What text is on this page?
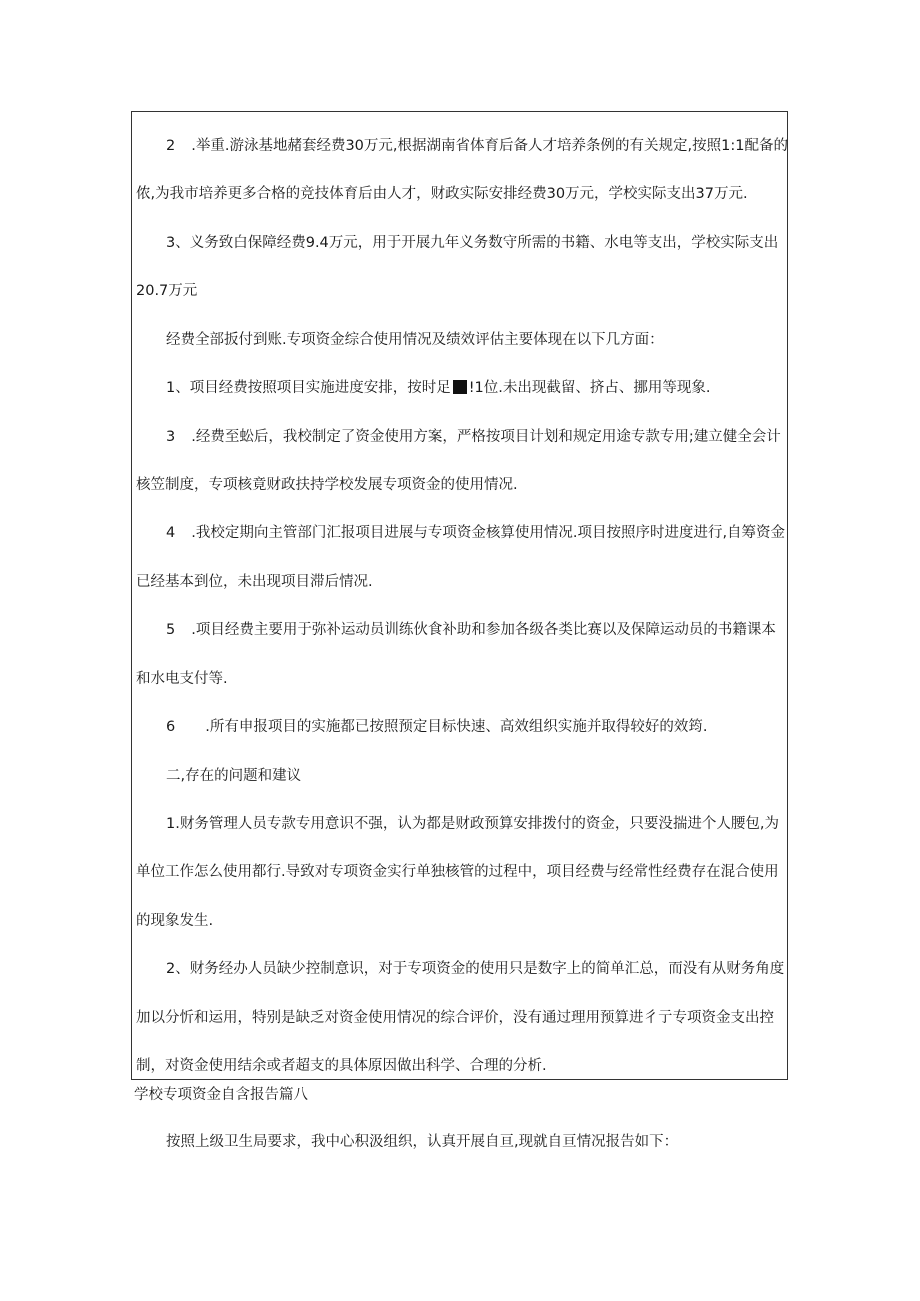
2 .举重.游泳基地赭套经费30万元,根据湖南省体育后备人才培养条例的有关规定,按照1:1配备的
侬,为我市培养更多合格的竞技体育后由人才，财政实际安排经费30万元，学校实际支出37万元.
3、义务致白保障经费9.4万元，用于开展九年义务数守所需的书籍、水电等支出，学校实际支出
20.7万元
经费全部扳付到账.专项资金综合使用情况及绩效评估主要体现在以下几方面：
1、项目经费按照项目实施进度安排，按时足 !1位.未出现截留、挤占、挪用等现象.
3 .经费至蚣后，我校制定了资金使用方案，严格按项目计划和规定用途专款专用;建立健全会计
核笠制度，专项核竟财政扶持学校发展专项资金的使用情况.
4 .我校定期向主管部门汇报项目进展与专项资金核算使用情况.项目按照序时进度进行,自筹资金
已经基本到位，未出现项目滞后情况.
5 .项目经费主要用于弥补运动员训练伙食补助和参加各级各类比赛以及保障运动员的书籍课本
和水电支付等.
6 .所有申报项目的实施都已按照预定目标快速、高效组织实施并取得较好的效筠.
二,存在的问题和建议
1.财务管理人员专款专用意识不强，认为都是财政预算安排拨付的资金，只要没揣进个人腰包,为
单位工作怎么使用都行.导致对专项资金实行单独核管的过程中，项目经费与经常性经费存在混合使用
的现象发生.
2、财务经办人员缺少控制意识，对于专项资金的使用只是数字上的简单汇总，而没有从财务角度
加以分忻和运用，特别是缺乏对资金使用情况的综合评价，没有通过理用预算进彳亍专项资金支出控
制，对资金使用结余或者超支的具体原因做出科学、合理的分析.
学校专项资金自含报告篇八
按照上级卫生局要求，我中心积汲组织，认真开展自亘,现就自亘情况报告如下：
